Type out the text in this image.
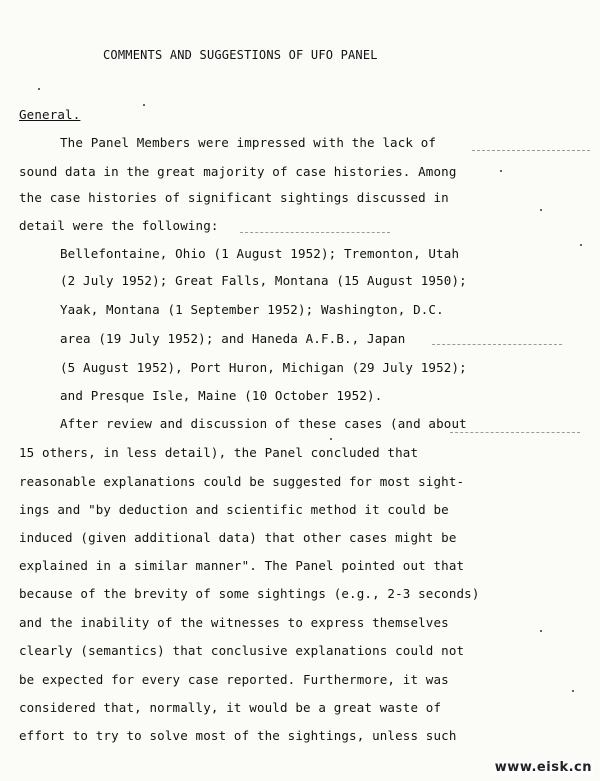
COMMENTS AND SUGGESTIONS OF UFO PANEL
General.
The Panel Members were impressed with the lack of
sound data in the great majority of case histories. Among
the case histories of significant sightings discussed in
detail were the following:
Bellefontaine, Ohio (1 August 1952); Tremonton, Utah
(2 July 1952); Great Falls, Montana (15 August 1950);
Yaak, Montana (1 September 1952); Washington, D.C.
area (19 July 1952); and Haneda A.F.B., Japan
(5 August 1952), Port Huron, Michigan (29 July 1952);
and Presque Isle, Maine (10 October 1952).
After review and discussion of these cases (and about
15 others, in less detail), the Panel concluded that
reasonable explanations could be suggested for most sight-
ings and "by deduction and scientific method it could be
induced (given additional data) that other cases might be
explained in a similar manner". The Panel pointed out that
because of the brevity of some sightings (e.g., 2-3 seconds)
and the inability of the witnesses to express themselves
clearly (semantics) that conclusive explanations could not
be expected for every case reported. Furthermore, it was
considered that, normally, it would be a great waste of
effort to try to solve most of the sightings, unless such
www.eisk.cn
